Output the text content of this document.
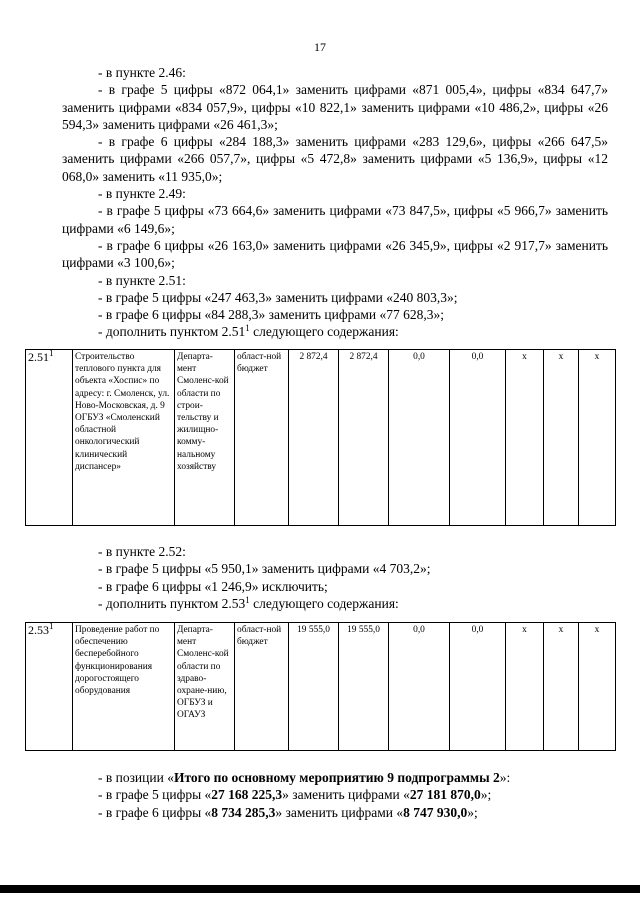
17

- в пункте 2.46:

- в графе 5 цифры «872 064,1» заменить цифрами «871 005,4», цифры «834 647,7» заменить цифрами «834 057,9», цифры «10 822,1» заменить цифрами «10 486,2», цифры «26 594,3» заменить цифрами «26 461,3»;

- в графе 6 цифры «284 188,3» заменить цифрами «283 129,6», цифры «266 647,5» заменить цифрами «266 057,7», цифры «5 472,8» заменить цифрами «5 136,9», цифры «12 068,0» заменить «11 935,0»;

- в пункте 2.49:

- в графе 5 цифры «73 664,6» заменить цифрами «73 847,5», цифры «5 966,7» заменить цифрами «6 149,6»;

- в графе 6 цифры «26 163,0» заменить цифрами «26 345,9», цифры «2 917,7» заменить цифрами «3 100,6»;

- в пункте 2.51:

- в графе 5 цифры «247 463,3» заменить цифрами «240 803,3»;

- в графе 6 цифры «84 288,3» заменить цифрами «77 628,3»;

- дополнить пунктом 2.51$^1$ следующего содержания:

2.51$^1$	Строительство теплового пункта для объекта «Хоспис» по адресу: г. Смоленск, ул. Ново-Московская, д. 9 ОГБУЗ «Смоленский областной онкологический клинический диспансер»	Департа-мент Смоленс-кой области по строи-тельству и жилищно-комму-нальному хозяйству	област-ной бюджет	2 872,4	2 872,4	0,0	0,0	х	х	х

- в пункте 2.52:

- в графе 5 цифры «5 950,1» заменить цифрами «4 703,2»;

- в графе 6 цифры «1 246,9» исключить;

- дополнить пунктом 2.53$^1$ следующего содержания:

2.53$^1$	Проведение работ по обеспечению бесперебойного функционирования дорогостоящего оборудования	Департа-мент Смоленс-кой области по здраво-охране-нию, ОГБУЗ и ОГАУЗ	област-ной бюджет	19 555,0	19 555,0	0,0	0,0	х	х	х

- в позиции «Итого по основному мероприятию 9 подпрограммы 2»:

- в графе 5 цифры «27 168 225,3» заменить цифрами «27 181 870,0»;

- в графе 6 цифры «8 734 285,3» заменить цифрами «8 747 930,0»;
